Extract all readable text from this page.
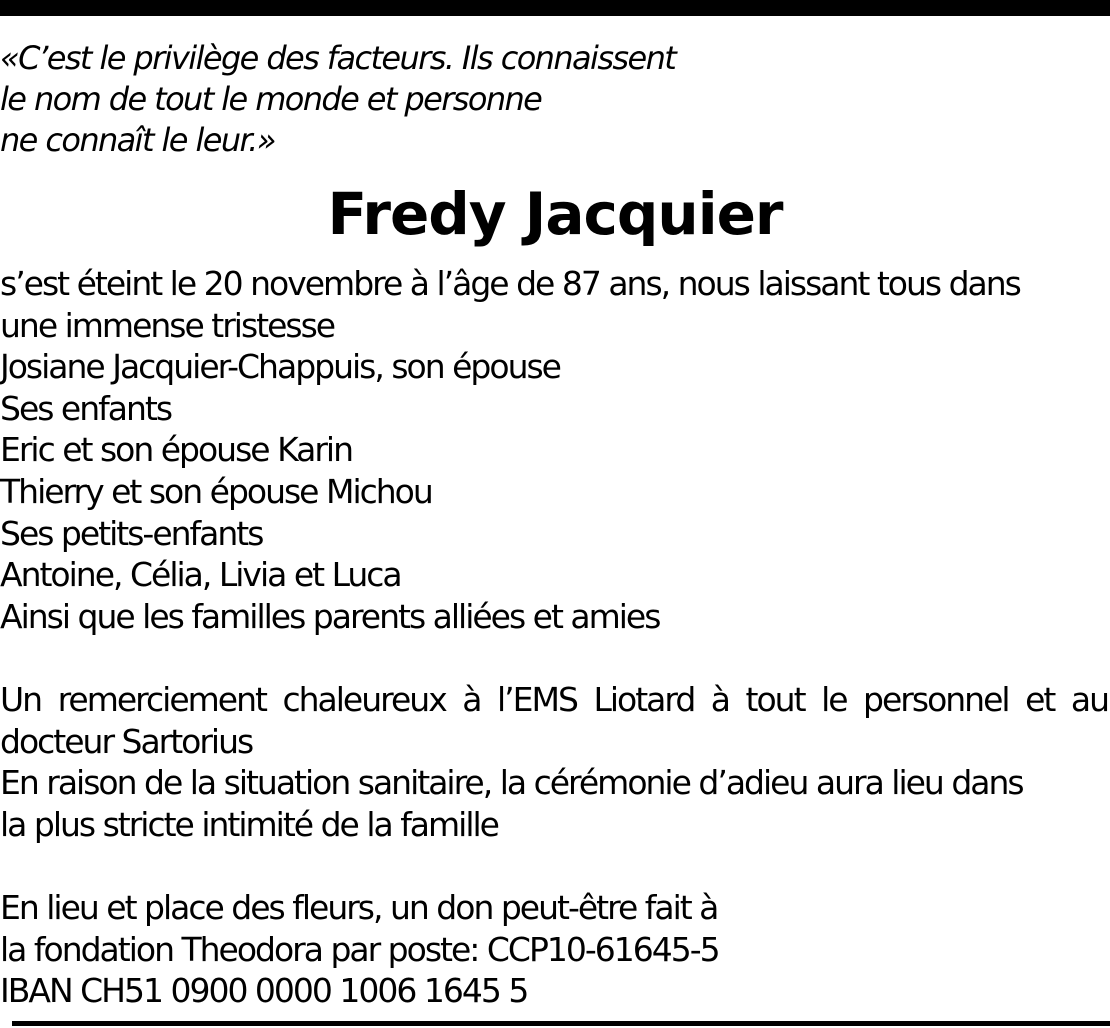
«C’est le privilège des facteurs. Ils connaissent
le nom de tout le monde et personne
ne connaît le leur.»
Fredy Jacquier
s’est éteint le 20 novembre à l’âge de 87 ans, nous laissant tous dans
une immense tristesse
Josiane Jacquier-Chappuis, son épouse
Ses enfants
Eric et son épouse Karin
Thierry et son épouse Michou
Ses petits-enfants
Antoine, Célia, Livia et Luca
Ainsi que les familles parents alliées et amies
Un remerciement chaleureux à l’EMS Liotard à tout le personnel et au
docteur Sartorius
En raison de la situation sanitaire, la cérémonie d’adieu aura lieu dans
la plus stricte intimité de la famille
En lieu et place des fleurs, un don peut-être fait à
la fondation Theodora par poste: CCP10-61645-5
IBAN CH51 0900 0000 1006 1645 5
